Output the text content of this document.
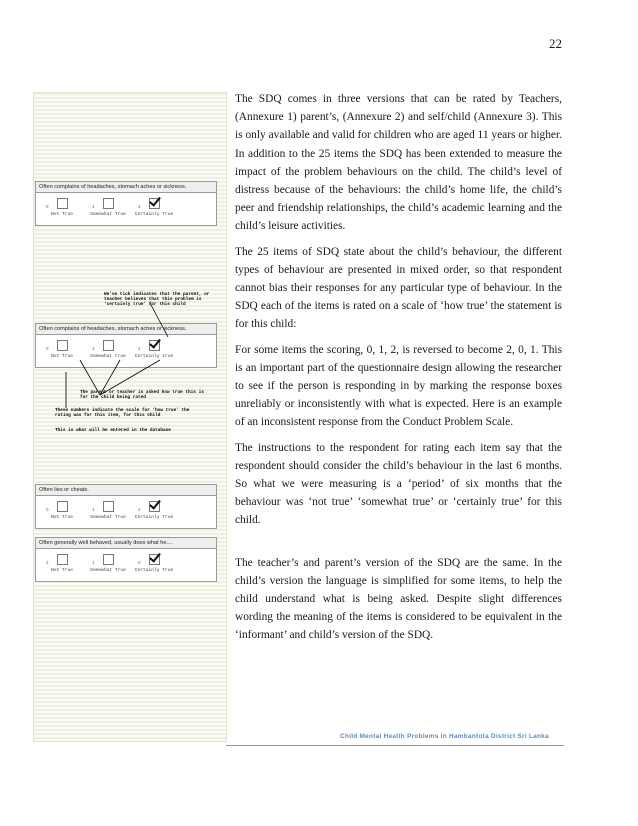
22
Often complains of headaches, stomach aches or sickness.
0
Not True
1
Somewhat True
2
Certainly True
We’ve tick indicates that the parent, or teacher believes that this problem is ‘certainly true’ for this child
Often complains of headaches, stomach aches or sickness.
0
Not True
1
Somewhat true
2
Certainly true
The parent or teacher is asked how true this is for the child being rated
These numbers indicate the scale for ‘how true’ the rating was for this item, for this child
This is what will be entered in the database
Often lies or cheats.
0
Not True
1
Somewhat True
2
Certainly True
Often generally well behaved, usually does what he....
2
Not True
1
Somewhat True
0
Certainly True

The SDQ comes in three versions that can be rated by Teachers, (Annexure 1) parent’s, (Annexure 2) and self/child (Annexure 3). This is only available and valid for children who are aged 11 years or higher. In addition to the 25 items the SDQ has been extended to measure the impact of the problem behaviours on the child. The child’s level of distress because of the behaviours: the child’s home life, the child’s peer and friendship relationships, the child’s academic learning and the child’s leisure activities.

The 25 items of SDQ state about the child’s behaviour, the different types of behaviour are presented in mixed order, so that respondent cannot bias their responses for any particular type of behaviour. In the SDQ each of the items is rated on a scale of ‘how true’ the statement is for this child:

For some items the scoring, 0, 1, 2, is reversed to become 2, 0, 1. This is an important part of the questionnaire design allowing the researcher to see if the person is responding in by marking the response boxes unreliably or inconsistently with what is expected. Here is an example of an inconsistent response from the Conduct Problem Scale.

The instructions to the respondent for rating each item say that the respondent should consider the child’s behaviour in the last 6 months. So what we were measuring is a ‘period’ of six months that the behaviour was ‘not true’ ‘somewhat true’ or ‘certainly true’ for this child.

The teacher’s and parent’s version of the SDQ are the same. In the child’s version the language is simplified for some items, to help the child understand what is being asked. Despite slight differences wording the meaning of the items is considered to be equivalent in the ‘informant’ and child’s version of the SDQ.

Child Mental Health Problems in Hambantota District Sri Lanka
